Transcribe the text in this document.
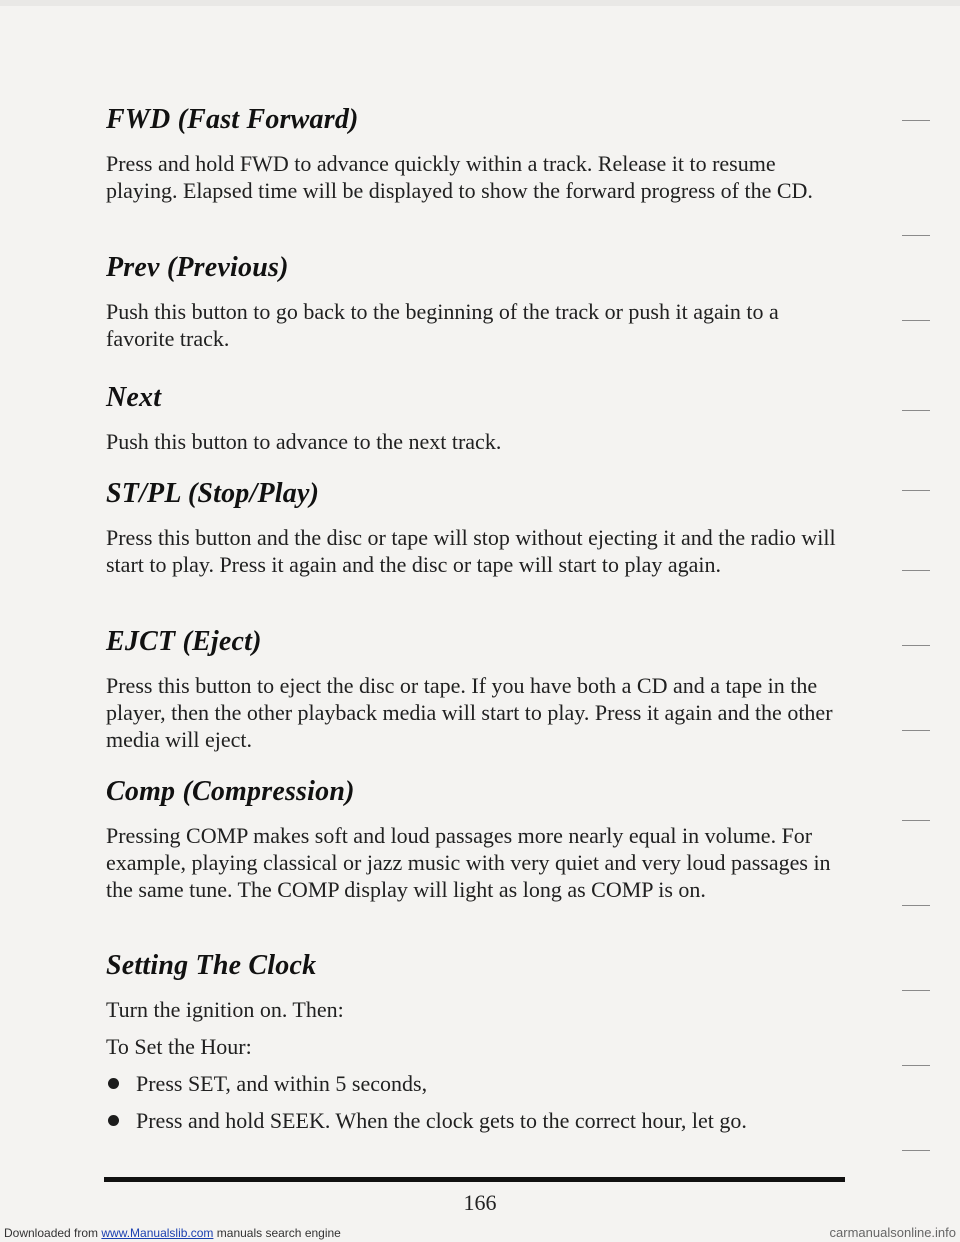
FWD (Fast Forward)

Press and hold FWD to advance quickly within a track. Release it to resume playing. Elapsed time will be displayed to show the forward progress of the CD.

Prev (Previous)

Push this button to go back to the beginning of the track or push it again to a favorite track.

Next

Push this button to advance to the next track.

ST/PL (Stop/Play)

Press this button and the disc or tape will stop without ejecting it and the radio will start to play. Press it again and the disc or tape will start to play again.

EJCT (Eject)

Press this button to eject the disc or tape. If you have both a CD and a tape in the player, then the other playback media will start to play. Press it again and the other media will eject.

Comp (Compression)

Pressing COMP makes soft and loud passages more nearly equal in volume. For example, playing classical or jazz music with very quiet and very loud passages in the same tune. The COMP display will light as long as COMP is on.

Setting The Clock
Turn the ignition on. Then:
To Set the Hour:
Press SET, and within 5 seconds,
Press and hold SEEK. When the clock gets to the correct hour, let go.
166
Downloaded from www.Manualslib.com manuals search engine	carmanualsonline.info
